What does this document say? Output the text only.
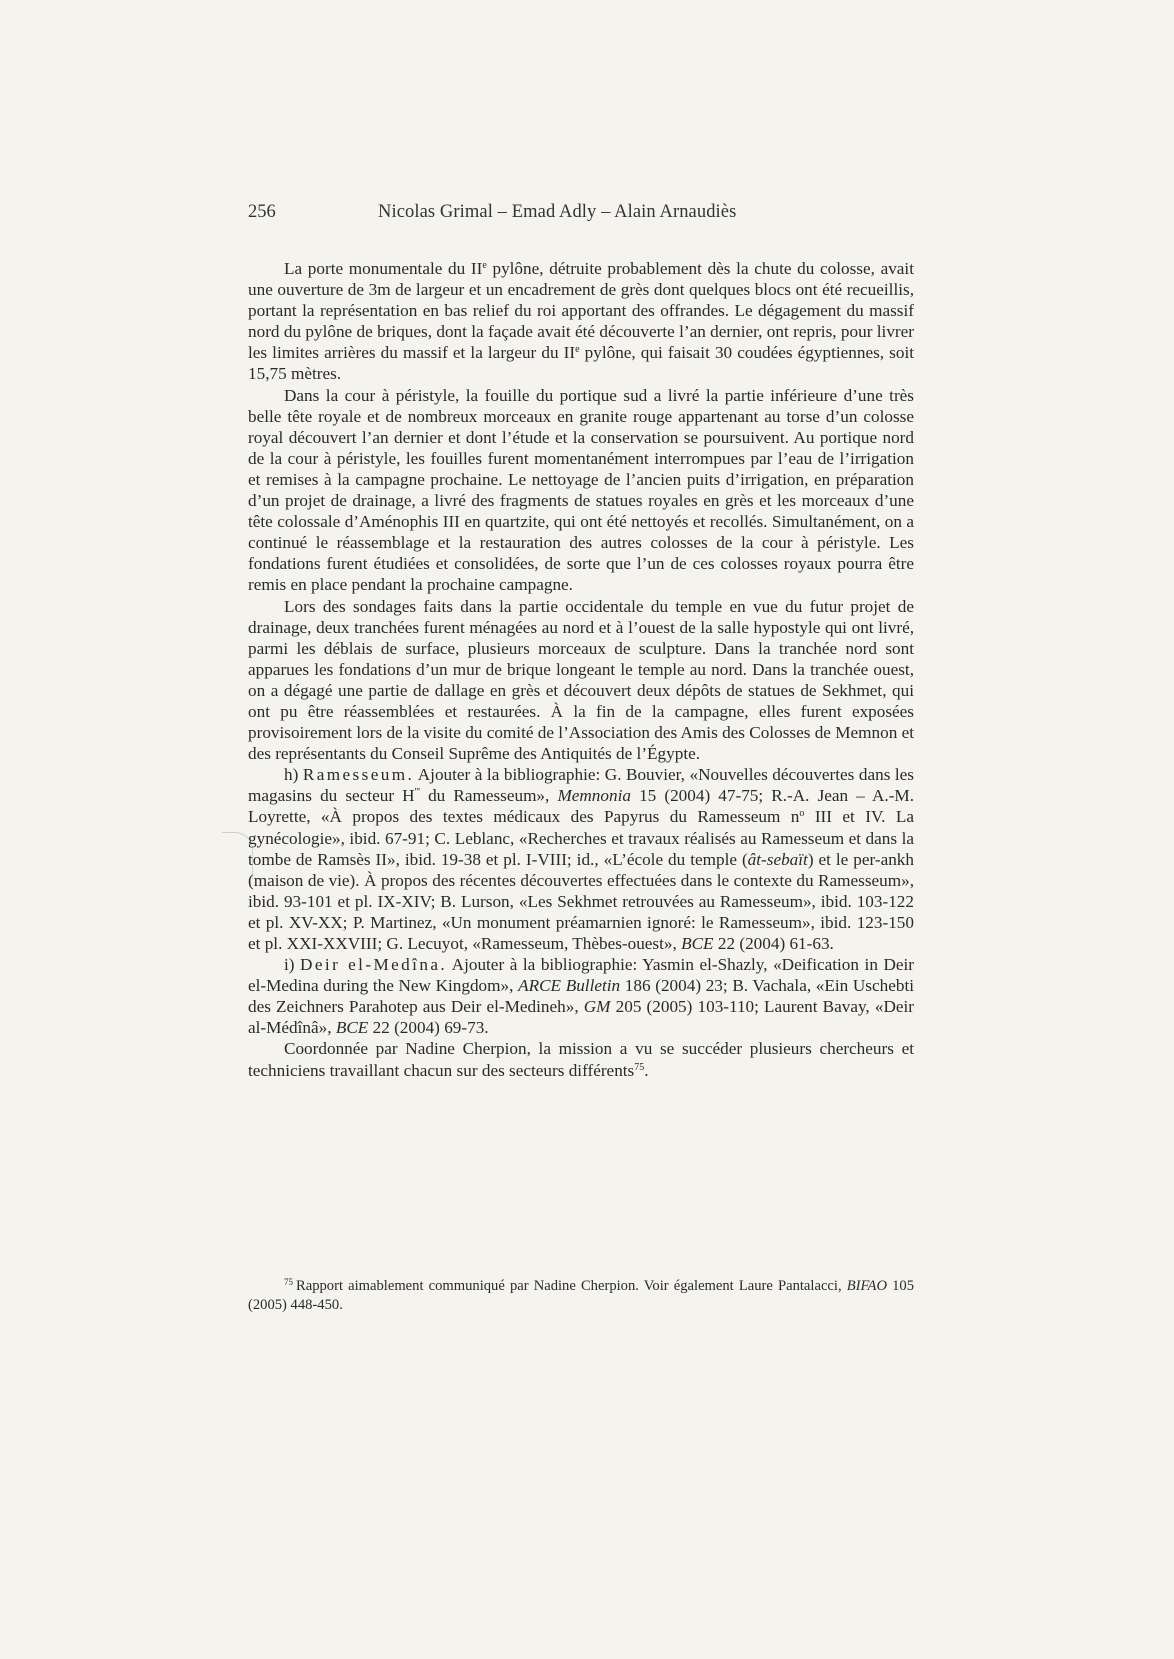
256	Nicolas Grimal – Emad Adly – Alain Arnaudiès

La porte monumentale du IIe pylône, détruite probablement dès la chute du colosse, avait une ouverture de 3m de largeur et un encadrement de grès dont quelques blocs ont été recueillis, portant la représentation en bas relief du roi apportant des offrandes. Le dégagement du massif nord du pylône de briques, dont la façade avait été découverte l’an dernier, ont repris, pour livrer les limites arrières du massif et la largeur du IIe pylône, qui faisait 30 coudées égyptiennes, soit 15,75 mètres.

Dans la cour à péristyle, la fouille du portique sud a livré la partie inférieure d’une très belle tête royale et de nombreux morceaux en granite rouge appartenant au torse d’un colosse royal découvert l’an dernier et dont l’étude et la conservation se poursuivent. Au portique nord de la cour à péristyle, les fouilles furent momentanément interrompues par l’eau de l’irrigation et remises à la campagne prochaine. Le nettoyage de l’ancien puits d’irrigation, en préparation d’un projet de drainage, a livré des fragments de statues royales en grès et les morceaux d’une tête colossale d’Aménophis III en quartzite, qui ont été nettoyés et recollés. Simultanément, on a continué le réassemblage et la restauration des autres colosses de la cour à péristyle. Les fondations furent étudiées et consolidées, de sorte que l’un de ces colosses royaux pourra être remis en place pendant la prochaine campagne.

Lors des sondages faits dans la partie occidentale du temple en vue du futur projet de drainage, deux tranchées furent ménagées au nord et à l’ouest de la salle hypostyle qui ont livré, parmi les déblais de surface, plusieurs morceaux de sculpture. Dans la tranchée nord sont apparues les fondations d’un mur de brique longeant le temple au nord. Dans la tranchée ouest, on a dégagé une partie de dallage en grès et découvert deux dépôts de statues de Sekhmet, qui ont pu être réassemblées et restaurées. À la fin de la campagne, elles furent exposées provisoirement lors de la visite du comité de l’Association des Amis des Colosses de Memnon et des représentants du Conseil Suprême des Antiquités de l’Égypte.

h) Ramesseum. Ajouter à la bibliographie: G. Bouvier, «Nouvelles découvertes dans les magasins du secteur H''' du Ramesseum», Memnonia 15 (2004) 47-75; R.-A. Jean – A.-M. Loyrette, «À propos des textes médicaux des Papyrus du Ramesseum $n^o$ III et IV. La gynécologie», ibid. 67-91; C. Leblanc, «Recherches et travaux réalisés au Ramesseum et dans la tombe de Ramsès II», ibid. 19-38 et pl. I-VIII; id., «L’école du temple (ât-sebaït) et le per-ankh (maison de vie). À propos des récentes découvertes effectuées dans le contexte du Ramesseum», ibid. 93-101 et pl. IX-XIV; B. Lurson, «Les Sekhmet retrouvées au Ramesseum», ibid. 103-122 et pl. XV-XX; P. Martinez, «Un monument préamarnien ignoré: le Ramesseum», ibid. 123-150 et pl. XXI-XXVIII; G. Lecuyot, «Ramesseum, Thèbes-ouest», BCE 22 (2004) 61-63.

i) Deir el-Medîna. Ajouter à la bibliographie: Yasmin el-Shazly, «Deification in Deir el-Medina during the New Kingdom», ARCE Bulletin 186 (2004) 23; B. Vachala, «Ein Uschebti des Zeichners Parahotep aus Deir el-Medineh», GM 205 (2005) 103-110; Laurent Bavay, «Deir al-Médînâ», BCE 22 (2004) 69-73.

Coordonnée par Nadine Cherpion, la mission a vu se succéder plusieurs chercheurs et techniciens travaillant chacun sur des secteurs différents$^{75}$.

$^{75}$ Rapport aimablement communiqué par Nadine Cherpion. Voir également Laure Pantalacci, BIFAO 105 (2005) 448-450.
